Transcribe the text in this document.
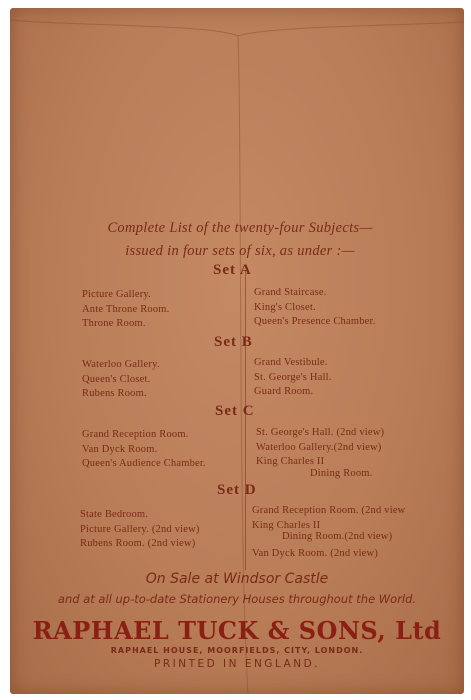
Complete List of the twenty-four Subjects—
issued in four sets of six, as under :—
Set A
Picture Gallery.
Ante Throne Room.
Throne Room.
Grand Staircase.
King's Closet.
Queen's Presence Chamber.
Set B
Waterloo Gallery.
Queen's Closet.
Rubens Room.
Grand Vestibule.
St. George's Hall.
Guard Room.
Set C
Grand Reception Room.
Van Dyck Room.
Queen's Audience Chamber.
St. George's Hall. (2nd view)
Waterloo Gallery.(2nd view)
King Charles II
Dining Room.
Set D
State Bedroom.
Picture Gallery. (2nd view)
Rubens Room. (2nd view)
Grand Reception Room. (2nd view
King Charles II
Dining Room.(2nd view)
Van Dyck Room. (2nd view)
On Sale at Windsor Castle
and at all up-to-date Stationery Houses throughout the World.
RAPHAEL TUCK & SONS, Ltd
RAPHAEL HOUSE, MOORFIELDS, CITY, LONDON.
PRINTED IN ENGLAND.
